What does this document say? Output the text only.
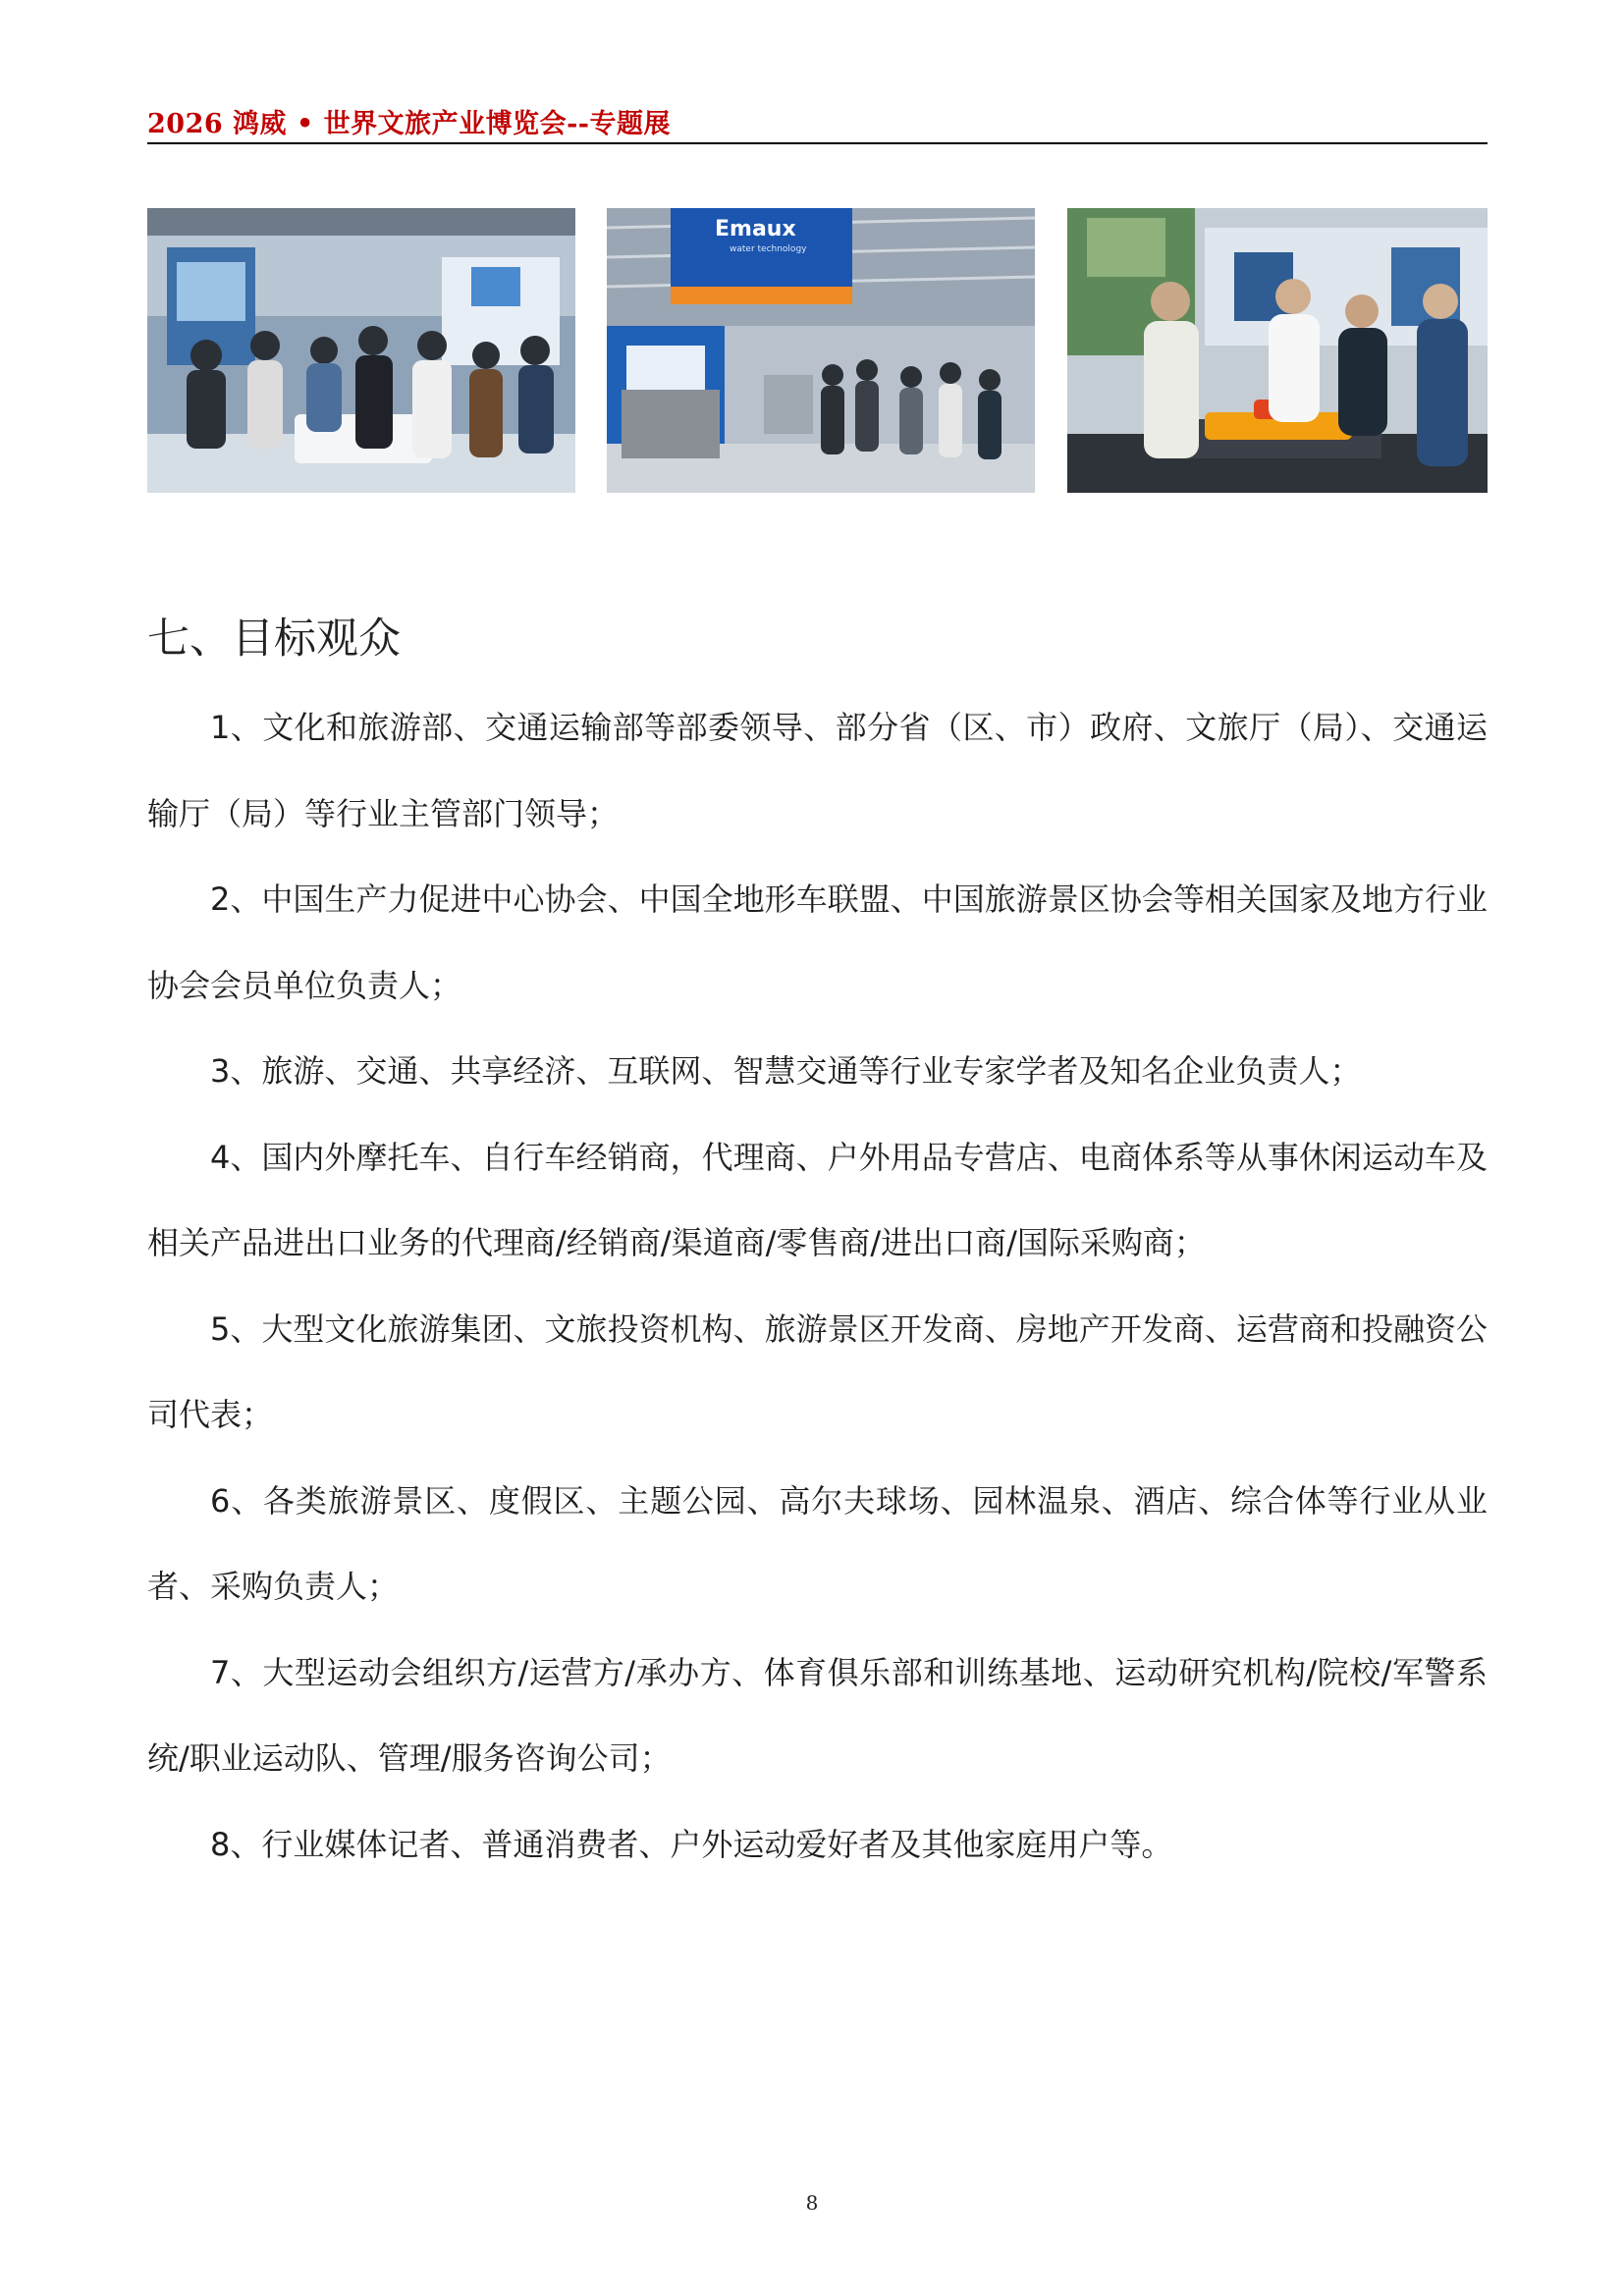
2026 鸿威 • 世界文旅产业博览会--专题展
Emaux
water technology
七、目标观众

1、文化和旅游部、交通运输部等部委领导、部分省（区、市）政府、文旅厅（局）、交通运输厅（局）等行业主管部门领导；

2、中国生产力促进中心协会、中国全地形车联盟、中国旅游景区协会等相关国家及地方行业协会会员单位负责人；

3、旅游、交通、共享经济、互联网、智慧交通等行业专家学者及知名企业负责人；

4、国内外摩托车、自行车经销商，代理商、户外用品专营店、电商体系等从事休闲运动车及相关产品进出口业务的代理商/经销商/渠道商/零售商/进出口商/国际采购商；

5、大型文化旅游集团、文旅投资机构、旅游景区开发商、房地产开发商、运营商和投融资公司代表；

6、各类旅游景区、度假区、主题公园、高尔夫球场、园林温泉、酒店、综合体等行业从业者、采购负责人；

7、大型运动会组织方/运营方/承办方、体育俱乐部和训练基地、运动研究机构/院校/军警系统/职业运动队、管理/服务咨询公司；

8、行业媒体记者、普通消费者、户外运动爱好者及其他家庭用户等。

8
